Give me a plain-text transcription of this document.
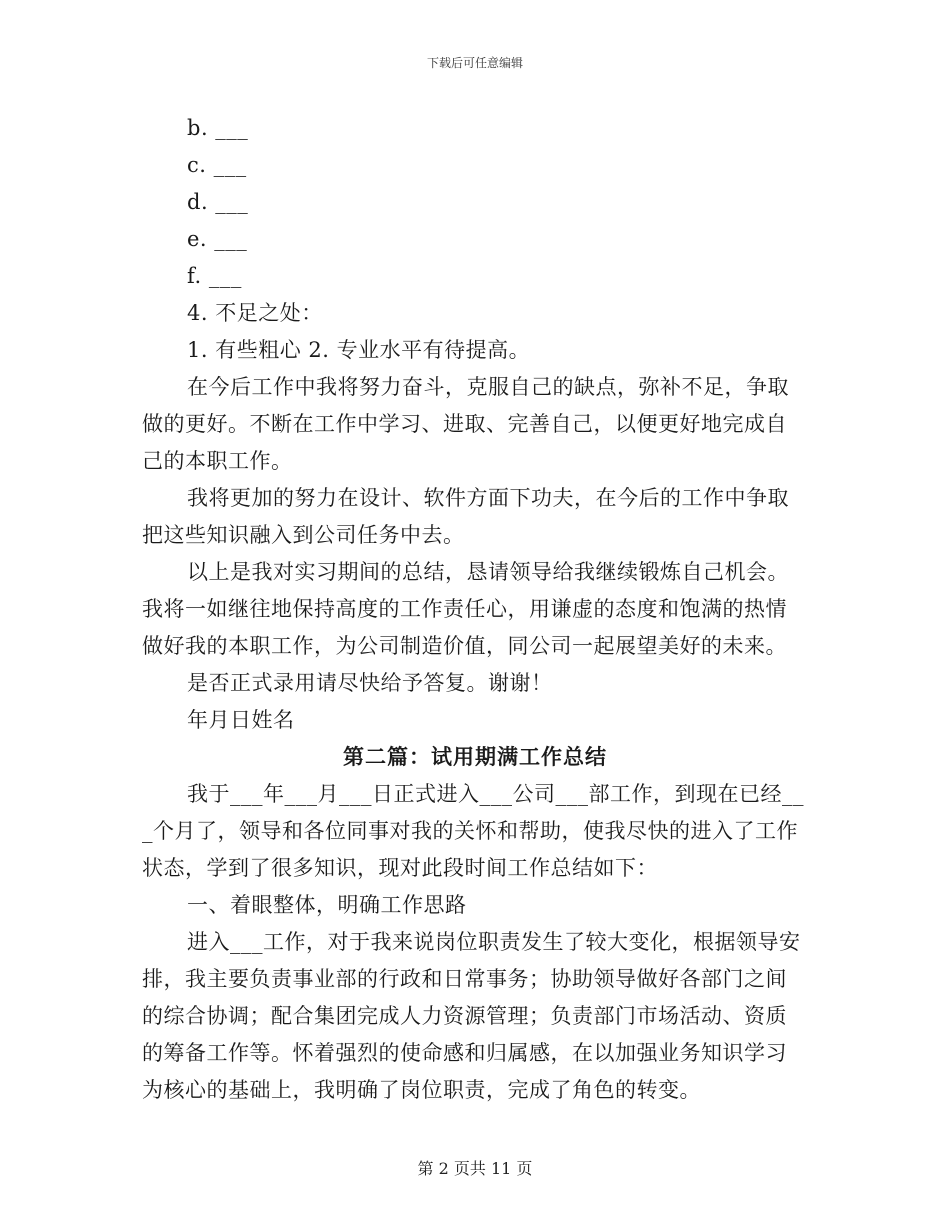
下载后可任意编辑
b. ___
c. ___
d. ___
e. ___
f. ___
4. 不足之处：
1. 有些粗心 2. 专业水平有待提高。
在今后工作中我将努力奋斗，克服自己的缺点，弥补不足，争取
做的更好。不断在工作中学习、进取、完善自己，以便更好地完成自
己的本职工作。
我将更加的努力在设计、软件方面下功夫，在今后的工作中争取
把这些知识融入到公司任务中去。
以上是我对实习期间的总结，恳请领导给我继续锻炼自己机会。
我将一如继往地保持高度的工作责任心，用谦虚的态度和饱满的热情
做好我的本职工作，为公司制造价值，同公司一起展望美好的未来。
是否正式录用请尽快给予答复。谢谢！
年月日姓名
第二篇：试用期满工作总结
我于___年___月___日正式进入___公司___部工作，到现在已经__
_个月了，领导和各位同事对我的关怀和帮助，使我尽快的进入了工作
状态，学到了很多知识，现对此段时间工作总结如下：
一、着眼整体，明确工作思路
进入___工作，对于我来说岗位职责发生了较大变化，根据领导安
排，我主要负责事业部的行政和日常事务；协助领导做好各部门之间
的综合协调；配合集团完成人力资源管理；负责部门市场活动、资质
的筹备工作等。怀着强烈的使命感和归属感，在以加强业务知识学习
为核心的基础上，我明确了岗位职责，完成了角色的转变。
第 2 页共 11 页
